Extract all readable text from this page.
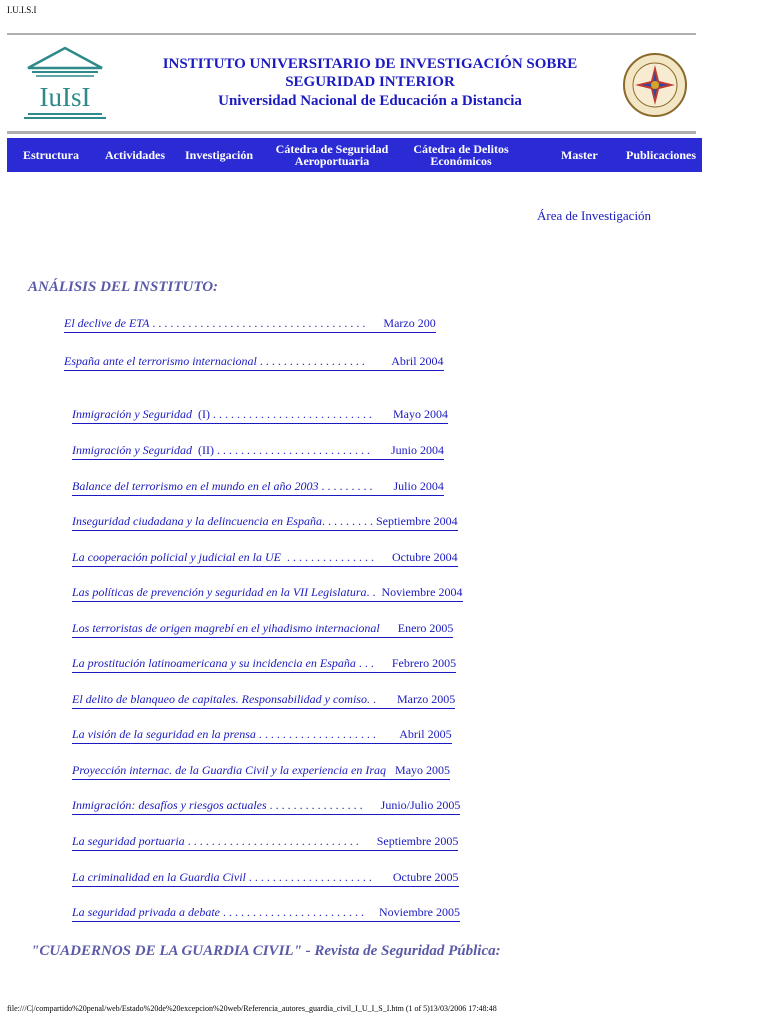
I.U.I.S.I
IuIsI
INSTITUTO UNIVERSITARIO DE INVESTIGACIÓN SOBRE
SEGURIDAD INTERIOR
Universidad Nacional de Educación a Distancia
Estructura Actividades Investigación	Cátedra de Seguridad Aeroportuaria
Cátedra de Delitos Económicos	Master Publicaciones
Área de Investigación
ANÁLISIS DEL INSTITUTO:
El declive de ETA . . . . . . . . . . . . . . . . . . . . . . . . . . . . . . . . . . . .      Marzo 200
España ante el terrorismo internacional . . . . . . . . . . . . . . . . . .         Abril 2004
Inmigración y Seguridad  (I) . . . . . . . . . . . . . . . . . . . . . . . . . . .       Mayo 2004
Inmigración y Seguridad  (II) . . . . . . . . . . . . . . . . . . . . . . . . . .       Junio 2004
Balance del terrorismo en el mundo en el año 2003 . . . . . . . . .       Julio 2004
Inseguridad ciudadana y la delincuencia en España. . . . . . . . . Septiembre 2004
La cooperación policial y judicial en la UE  . . . . . . . . . . . . . . .      Octubre 2004
Las políticas de prevención y seguridad en la VII Legislatura. .  Noviembre 2004
Los terroristas de origen magrebí en el yihadismo internacional Enero 2005
La prostitución latinoamericana y su incidencia en España . . .      Febrero 2005
El delito de blanqueo de capitales. Responsabilidad y comiso. .       Marzo 2005
La visión de la seguridad en la prensa . . . . . . . . . . . . . . . . . . . .        Abril 2005
Proyección internac. de la Guardia Civil y la experiencia en Iraq Mayo 2005
Inmigración: desafíos y riesgos actuales . . . . . . . . . . . . . . . .      Junio/Julio 2005
La seguridad portuaria . . . . . . . . . . . . . . . . . . . . . . . . . . . . .      Septiembre 2005
La criminalidad en la Guardia Civil . . . . . . . . . . . . . . . . . . . . .       Octubre 2005
La seguridad privada a debate . . . . . . . . . . . . . . . . . . . . . . . .     Noviembre 2005
"CUADERNOS DE LA GUARDIA CIVIL" - Revista de Seguridad Pública:
file:///C|/compartido%20penal/web/Estado%20de%20excepcion%20web/Referencia_autores_guardia_civil_I_U_I_S_I.htm (1 of 5)13/03/2006 17:48:48
